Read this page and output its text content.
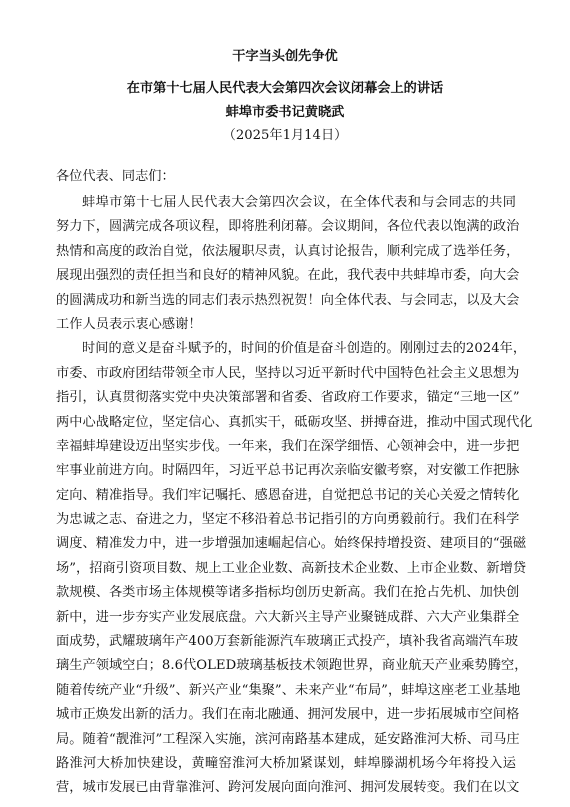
干字当头创先争优
在市第十七届人民代表大会第四次会议闭幕会上的讲话
蚌埠市委书记黄晓武
（2025年1月14日）
各位代表、同志们：
蚌埠市第十七届人民代表大会第四次会议，在全体代表和与会同志的共同
努力下，圆满完成各项议程，即将胜利闭幕。会议期间，各位代表以饱满的政治
热情和高度的政治自觉，依法履职尽责，认真讨论报告，顺利完成了选举任务，
展现出强烈的责任担当和良好的精神风貌。在此，我代表中共蚌埠市委，向大会
的圆满成功和新当选的同志们表示热烈祝贺！向全体代表、与会同志，以及大会
工作人员表示衷心感谢！
时间的意义是奋斗赋予的，时间的价值是奋斗创造的。刚刚过去的2024年，
市委、市政府团结带领全市人民，坚持以习近平新时代中国特色社会主义思想为
指引，认真贯彻落实党中央决策部署和省委、省政府工作要求，锚定“三地一区”
两中心战略定位，坚定信心、真抓实干，砥砺攻坚、拼搏奋进，推动中国式现代化
幸福蚌埠建设迈出坚实步伐。一年来，我们在深学细悟、心领神会中，进一步把
牢事业前进方向。时隔四年，习近平总书记再次亲临安徽考察，对安徽工作把脉
定向、精准指导。我们牢记嘱托、感恩奋进，自觉把总书记的关心关爱之情转化
为忠诚之志、奋进之力，坚定不移沿着总书记指引的方向勇毅前行。我们在科学
调度、精准发力中，进一步增强加速崛起信心。始终保持增投资、建项目的“强磁
场”，招商引资项目数、规上工业企业数、高新技术企业数、上市企业数、新增贷
款规模、各类市场主体规模等诸多指标均创历史新高。我们在抢占先机、加快创
新中，进一步夯实产业发展底盘。六大新兴主导产业聚链成群、六大产业集群全
面成势，武耀玻璃年产400万套新能源汽车玻璃正式投产，填补我省高端汽车玻
璃生产领域空白；8.6代OLED玻璃基板技术领跑世界，商业航天产业乘势腾空，
随着传统产业“升级”、新兴产业“集聚”、未来产业“布局”，蚌埠这座老工业基地
城市正焕发出新的活力。我们在南北融通、拥河发展中，进一步拓展城市空间格
局。随着“靓淮河”工程深入实施，滨河南路基本建成，延安路淮河大桥、司马庄
路淮河大桥加快建设，黄疃窑淮河大桥加紧谋划，蚌埠滕湖机场今年将投入运
营，城市发展已由背靠淮河、跨河发展向面向淮河、拥河发展转变。我们在以文
